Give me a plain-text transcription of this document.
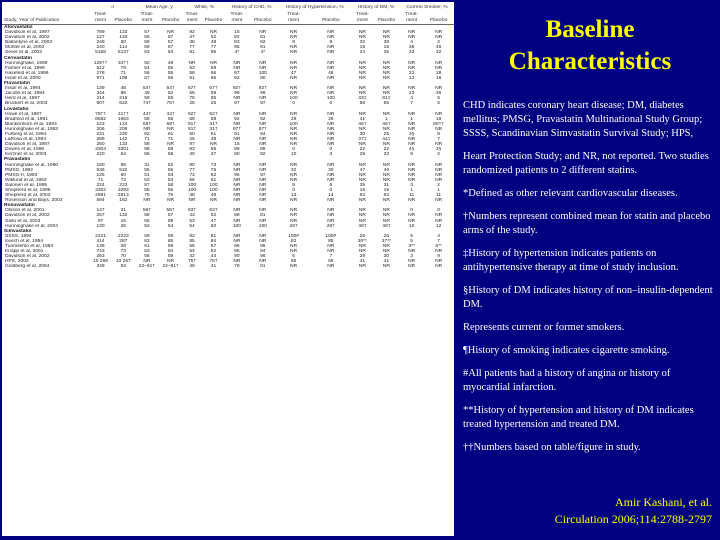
	n		Mean Age, y		White, %		History of CHD, %		History of Hypertension, %		History of DM, %		Current Smoker, %	
	Treat-		Treat-		Treat-		Treat-		Treat-		Treat-		Treat-	
Study, Year of Publication	ment	Placebo	ment	Placebo	ment	Placebo	ment	Placebo	ment	Placebo	ment	Placebo	ment	Placebo
Atorvastatin														
Davidson et al, 1997	789	133	57	NR	92	NR	15	NR	NR	NR	NR	NR	NR	NR
Davidson et al, 2002	127	132	56	57	47	52	82	81	NR	NR	NR	NR	NR	NR
Ballantyne et al, 2003	248	60	58	57	38	48	83	82	9	8	32	38	4	2
Mohler et al, 2003	240	114	69	67	77	77	95	91	NR	NR	19	15	38	46
Sever et al, 2003	5168	5137	63	63	81	95	4*	4*	NR	NR	24	25	33	32
Cerivastatin														
Hunninghake, 1998	129††	34††	50	49	NR	NR	NR	NR	NR	NR	NR	NR	NR	NR
Farnier et al, 1998	512	79	54	55	63	59	NR	NR	NR	NR	NR	NR	NR	NR
Hasefeld et al, 1999	278	71	56	55	58	66	97	100	47	48	NR	NR	22	28
Insull et al, 2000	971	199	57	56	61	65	92	90	NR	NR	NR	NR	13	16
Fluvastatin														
Insull et al, 1994	139	48	54†	54†	67†	67†	92†	92†	NR	NR	NR	NR	NR	NR
Jacobs et al, 1994	344	86	49	52	56	59	99	99	NR	NR	NR	NR	23	36
Herd et al, 1997	214	215	58	59	78	85	NR	NR	100	100	33‡	81‡	4	5
Bruckert et al, 2003	607	622	74†	76†	25	25	97	97	0	0	56	56	7	5
Lovastatin														
Howe et al, 1987	79††	21††	44†	44†	62†	62†	NR	NR	NR	NR	NR	NR	NR	NR
Bradford et al, 1991	6582	1663	56	56	59	58	92	92	29	29	41	1	1	18
Blankenhorn et al, 1993	123	124	58†	58†	91†	31†	NR	NR	100	NR	46†	46†	NR	80††
Hunninghake et al, 1993	206	206	NR	NR	51†	31†	97†	97†	NR	NR	NR	NR	NR	NR
Furberg et al, 1994	231	230	62	61	50	51	91	94	NR	NR	30	25	3§	8
LaRosa et al, 1994	289	142	71	71	25	38	NR	NR	NR	NR	37‡	44‡	NR	7
Davidson et al, 1997	260	133	58	NR	97	NR	15	NR	NR	NR	NR	NR	NR	NR
Downs et al, 1998	3304	3301	58	58	83	85	89	89	0	0	22	22	4§	3§
Kerzner et al, 2003	220	64	56	58	40	37	90	92	10	3	29	33	9	2
Pravastatin														
Hunninghake et al, 1990	180	88	31	52	80	73	NR	NR	NR	NR	NR	NR	NR	NR
PMSG, 1992	536	532	55	55	77	76	NR	NR	32	30	47	46	NR	NR
PMSG-II, 1993	126	60	51	53	73	62	96	97	NR	NR	NR	NR	NR	NR
Wiklund et al, 1993	71	73	53	53	66	61	NR	NR	NR	NR	NR	NR	NR	NR
Salonen et al, 1995	224	223	57	58	100	100	NR	NR	9	6	35	31	3	2
Shepherd et al, 1995	3302	3293	55	55	100	100	NR	NR	0	0	15	15	1	1
Shepherd et al, 2002	2891	2913	75	75	48	48	NR	NR	13	14	62	62	11	11
Rosenson and Bays, 2003	594	162	NR	NR	NR	NR	NR	NR	NR	NR	NR	NR	NR	NR
Rosuvastatin														
Olsson et al, 2001	147	31	56†	56†	63†	63†	NR	NR	NR	NR	NR	NR	0	0
Davidson et al, 2002	257	132	58	57	43	52	88	81	NR	NR	NR	NR	NR	NR
Saito et al, 2003	97	15	55	59	53	47	NR	NR	NR	NR	NR	NR	NR	NR
Hunninghake et al, 2004	130	26	52	54	54	50	100	100	29†	29†	48†	48†	10	12
Simvastatin														
SSSS, 1994	2221	2223	59	59	82	81	NR	NR	100#	100#	26	26	5	4
Keech et al, 1994	414	287	63	65	85	84	NR	NR	82	85	30**	37**	5	7
Tuomilehto et al, 1994	138	28	61	59	55	57	96	96	NR	NR	NR	NR	3**	5**
Knapp et al, 2001	743	73	53	54	54	52	85	94	NR	NR	NR	NR	NR	NR
Davidson et al, 2002	263	70	56	59	42	44	90	96	6	7	29	30	3	9
HPS, 2002	10 269	10 267	NR	NR	75†	75†	NR	NR	65	65	41	41	NR	NR
Goldberg et al, 2004	349	93	22–81†	22–81†	49	41	79	81	NR	NR	NR	NR	NR	NR
Baseline
Characteristics

CHD indicates coronary heart disease; DM, diabetes mellitus; PMSG, Pravastatin Multinational Study Group; SSSS, Scandinavian Simvastatin Survival Study; HPS,

Heart Protection Study; and NR, not reported. Two studies randomized patients to 2 different statins.

*Defined as other relevant cardiovascular diseases.

†Numbers represent combined mean for statin and placebo arms of the study.

‡History of hypertension indicates patients on antihypertensive therapy at time of study inclusion.

§History of DM indicates history of non–insulin-dependent DM.

Represents current or former smokers.

¶History of smoking indicates cigarette smoking.

#All patients had a history of angina or history of myocardial infarction.

**History of hypertension and history of DM indicates treated hypertension and treated DM.

††Numbers based on table/figure in study.

Amir Kashani, et al.
Circulation 2006;114:2788-2797
